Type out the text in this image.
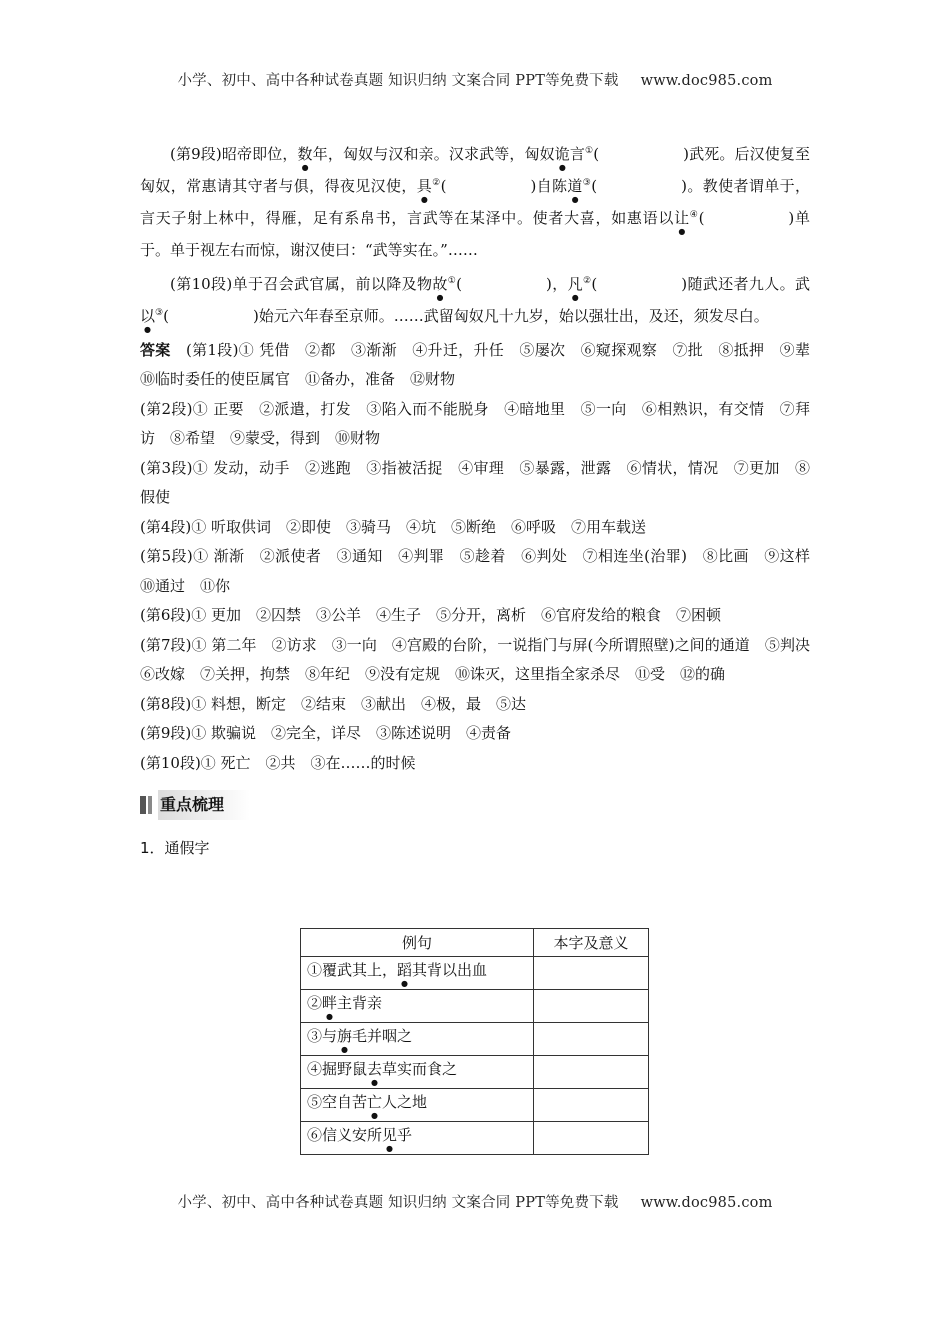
小学、初中、高中各种试卷真题 知识归纳 文案合同 PPT等免费下载 www.doc985.com

(第9段)昭帝即位，数年，匈奴与汉和亲。汉求武等，匈奴诡言①(	)武死。后汉使复至匈奴，常惠请其守者与俱，得夜见汉使，具②(	)自陈道③(	)。教使者谓单于，言天子射上林中，得雁，足有系帛书，言武等在某泽中。使者大喜，如惠语以让④(	)单于。单于视左右而惊，谢汉使曰：“武等实在。”……

(第10段)单于召会武官属，前以降及物故①(	)，凡②(	)随武还者九人。武以③(	)始元六年春至京师。……武留匈奴凡十九岁，始以强壮出，及还，须发尽白。

答案　 (第1段)① 凭借　②都　③渐渐　④升迁，升任　⑤屡次　⑥窥探观察　⑦批　⑧抵押　⑨辈　⑩临时委任的使臣属官　⑪备办，准备　⑫财物

(第2段)① 正要　②派遣，打发　③陷入而不能脱身　④暗地里　⑤一向　⑥相熟识，有交情　⑦拜访　⑧希望　⑨蒙受，得到　⑩财物

(第3段)① 发动，动手　②逃跑　③指被活捉　④审理　⑤暴露，泄露　⑥情状，情况　⑦更加　⑧假使

(第4段)① 听取供词　②即使　③骑马　④坑　⑤断绝　⑥呼吸　⑦用车载送

(第5段)① 渐渐　②派使者　③通知　④判罪　⑤趁着　⑥判处　⑦相连坐(治罪)　⑧比画　⑨这样　⑩通过　⑪你

(第6段)① 更加　②囚禁　③公羊　④生子　⑤分开，离析　⑥官府发给的粮食　⑦困顿

(第7段)① 第二年　②访求　③一向　④宫殿的台阶，一说指门与屏(今所谓照壁)之间的通道　⑤判决　⑥改嫁　⑦关押，拘禁　⑧年纪　⑨没有定规　⑩诛灭，这里指全家杀尽　⑪受　⑫的确

(第8段)① 料想，断定　②结束　③献出　④极，最　⑤达

(第9段)① 欺骗说　②完全，详尽　③陈述说明　④责备

(第10段)① 死亡　②共　③在……的时候

重点梳理
1．通假字
例句	本字及意义
①覆武其上，蹈其背以出血	
②畔主背亲	
③与旃毛并咽之	
④掘野鼠去草实而食之	
⑤空自苦亡人之地	
⑥信义安所见乎	
小学、初中、高中各种试卷真题 知识归纳 文案合同 PPT等免费下载 www.doc985.com
